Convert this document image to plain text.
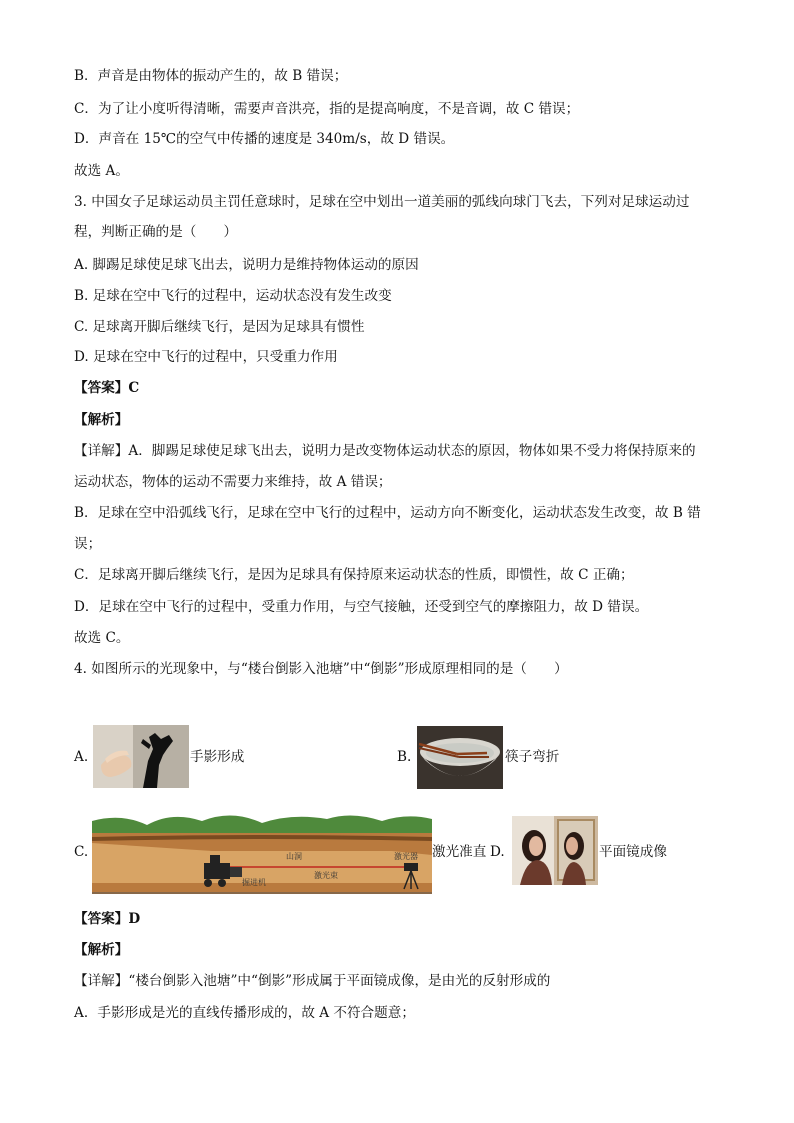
B．声音是由物体的振动产生的，故 B 错误；
C．为了让小度听得清晰，需要声音洪亮，指的是提高响度，不是音调，故 C 错误；
D．声音在 15℃的空气中传播的速度是 340m/s，故 D 错误。
故选 A。
3. 中国女子足球运动员主罚任意球时，足球在空中划出一道美丽的弧线向球门飞去，下列对足球运动过
程，判断正确的是（　　）
A. 脚踢足球使足球飞出去，说明力是维持物体运动的原因
B. 足球在空中飞行的过程中，运动状态没有发生改变
C. 足球离开脚后继续飞行，是因为足球具有惯性
D. 足球在空中飞行的过程中，只受重力作用
【答案】C
【解析】
【详解】A．脚踢足球使足球飞出去，说明力是改变物体运动状态的原因，物体如果不受力将保持原来的
运动状态，物体的运动不需要力来维持，故 A 错误；
B．足球在空中沿弧线飞行，足球在空中飞行的过程中，运动方向不断变化，运动状态发生改变，故 B 错
误；
C．足球离开脚后继续飞行，是因为足球具有保持原来运动状态的性质，即惯性，故 C 正确；
D．足球在空中飞行的过程中，受重力作用，与空气接触，还受到空气的摩擦阻力，故 D 错误。
故选 C。
4. 如图所示的光现象中，与“楼台倒影入池塘”中“倒影”形成原理相同的是（　　）
A.	手影形成	B.	筷子弯折
C.	山洞	激光器
激光束
掘进机
激光准直 D.	平面镜成像
【答案】D
【解析】
【详解】“楼台倒影入池塘”中“倒影”形成属于平面镜成像，是由光的反射形成的
A．手影形成是光的直线传播形成的，故 A 不符合题意；
